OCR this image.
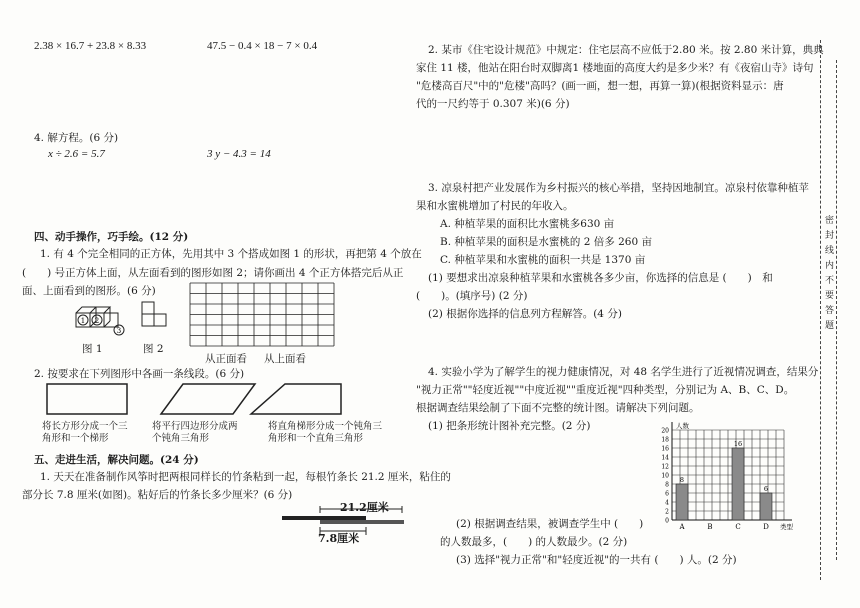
2.38 × 16.7 + 23.8 × 8.33	47.5 − 0.4 × 18 − 7 × 0.4
4. 解方程。(6 分)
x ÷ 2.6 = 5.7	3 y − 4.3 = 14
四、动手操作，巧手绘。(12 分)
1. 有 4 个完全相同的正方体，先用其中 3 个搭成如图 1 的形状，再把第 4 个放在
(　　) 号正方体上面，从左面看到的图形如图 2；请你画出 4 个正方体搭完后从正
面、上面看到的图形。(6 分)
1 2
3
图 1	图 2
从正面看 从上面看
2. 按要求在下列图形中各画一条线段。(6 分)
将长方形分成一个三角形和一个梯形
将平行四边形分成两个钝角三角形
将直角梯形分成一个钝角三角形和一个直角三角形
五、走进生活，解决问题。(24 分)
1. 天天在准备制作风筝时把两根同样长的竹条粘到一起，每根竹条长 21.2 厘米，粘住的
部分长 7.8 厘米(如图)。粘好后的竹条长多少厘米？(6 分)
21.2厘米
7.8厘米
2. 某市《住宅设计规范》中规定：住宅层高不应低于2.80 米。按 2.80 米计算，典典
家住 11 楼，他站在阳台时双脚离1 楼地面的高度大约是多少米？有《夜宿山寺》诗句
"危楼高百尺"中的"危楼"高吗？(画一画，想一想，再算一算)(根据资料显示：唐
代的一尺约等于 0.307 米)(6 分)
3. 凉泉村把产业发展作为乡村振兴的核心举措，坚持因地制宜。凉泉村依靠种植苹
果和水蜜桃增加了村民的年收入。
A. 种植苹果的面积比水蜜桃多630 亩
B. 种植苹果的面积是水蜜桃的 2 倍多 260 亩
C. 种植苹果和水蜜桃的面积一共是 1370 亩
(1) 要想求出凉泉种植苹果和水蜜桃各多少亩，你选择的信息是 (　　)　和
(　　)。(填序号) (2 分)
(2) 根据你选择的信息列方程解答。(4 分)
4. 实验小学为了解学生的视力健康情况，对 48 名学生进行了近视情况调查，结果分
"视力正常""轻度近视""中度近视""重度近视"四种类型，分别记为 A、B、C、D。
根据调查结果绘制了下面不完整的统计图。请解决下列问题。
(1) 把条形统计图补充完整。(2 分)
0
2
4
6
8
10
12
14
16
18
20
人数
类型
8
A	B
16
C
6
D
(2) 根据调查结果，被调查学生中 (　　)
的人数最多，(　　) 的人数最少。(2 分)
(3) 选择"视力正常"和"轻度近视"的一共有 (　　) 人。(2 分)
密封线内不要答题
